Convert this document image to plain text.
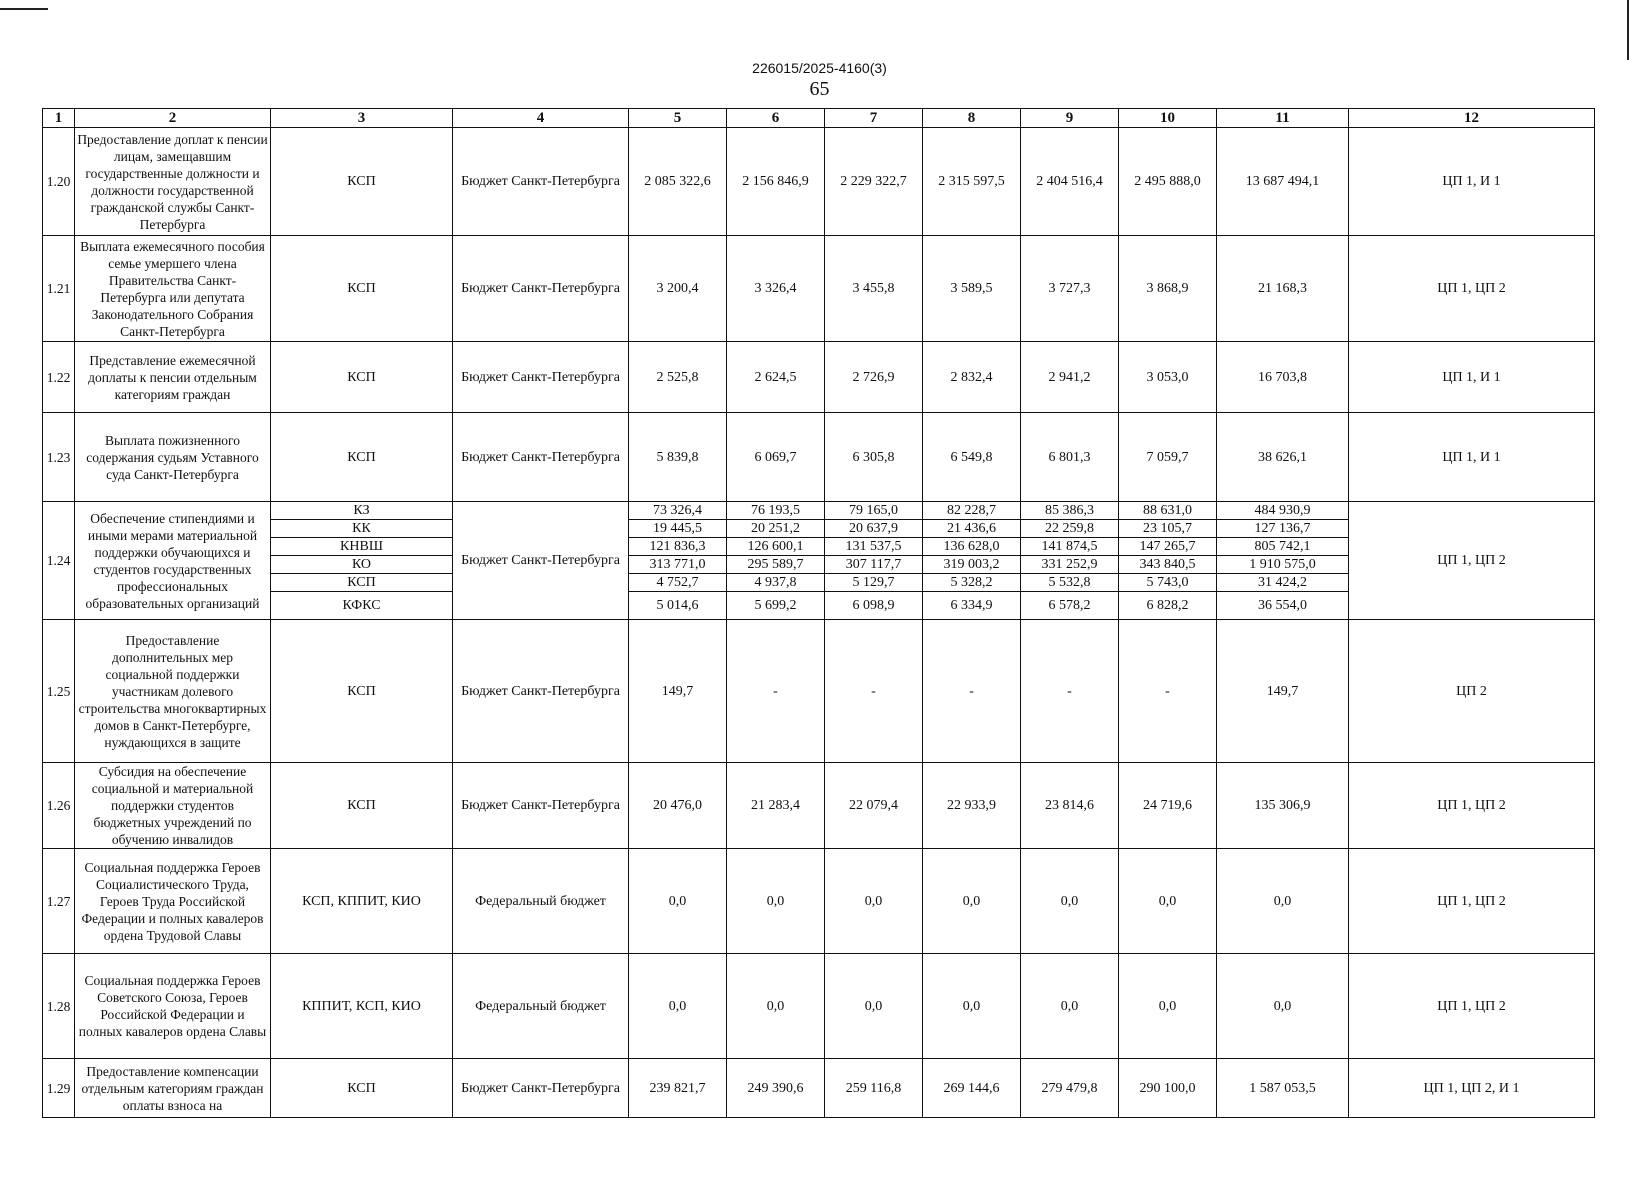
226015/2025-4160(3)
65
1	2	3	4	5	6	7	8	9	10	11	12
1.20	Предоставление доплат к пенсии лицам, замещавшим государственные должности и должности государственной гражданской службы Санкт-Петербурга	КСП	Бюджет Санкт-Петербурга	2 085 322,6	2 156 846,9	2 229 322,7	2 315 597,5	2 404 516,4	2 495 888,0	13 687 494,1	ЦП 1, И 1
1.21	Выплата ежемесячного пособия семье умершего члена Правительства Санкт-Петербурга или депутата Законодательного Собрания Санкт-Петербурга	КСП	Бюджет Санкт-Петербурга	3 200,4	3 326,4	3 455,8	3 589,5	3 727,3	3 868,9	21 168,3	ЦП 1, ЦП 2
1.22	Представление ежемесячной доплаты к пенсии отдельным категориям граждан	КСП	Бюджет Санкт-Петербурга	2 525,8	2 624,5	2 726,9	2 832,4	2 941,2	3 053,0	16 703,8	ЦП 1, И 1
1.23	Выплата пожизненного содержания судьям Уставного суда Санкт-Петербурга	КСП	Бюджет Санкт-Петербурга	5 839,8	6 069,7	6 305,8	6 549,8	6 801,3	7 059,7	38 626,1	ЦП 1, И 1
1.24	Обеспечение стипендиями и иными мерами материальной поддержки обучающихся и студентов государственных профессиональных образовательных организаций	КЗ	Бюджет Санкт-Петербурга	73 326,4	76 193,5	79 165,0	82 228,7	85 386,3	88 631,0	484 930,9	ЦП 1, ЦП 2
		КК		19 445,5	20 251,2	20 637,9	21 436,6	22 259,8	23 105,7	127 136,7	
		КНВШ		121 836,3	126 600,1	131 537,5	136 628,0	141 874,5	147 265,7	805 742,1	
		КО		313 771,0	295 589,7	307 117,7	319 003,2	331 252,9	343 840,5	1 910 575,0	
		КСП		4 752,7	4 937,8	5 129,7	5 328,2	5 532,8	5 743,0	31 424,2	
		КФКС		5 014,6	5 699,2	6 098,9	6 334,9	6 578,2	6 828,2	36 554,0	
1.25	Предоставление дополнительных мер социальной поддержки участникам долевого строительства многоквартирных домов в Санкт-Петербурге, нуждающихся в защите	КСП	Бюджет Санкт-Петербурга	149,7	-	-	-	-	-	149,7	ЦП 2
1.26	Субсидия на обеспечение социальной и материальной поддержки студентов бюджетных учреждений по обучению инвалидов	КСП	Бюджет Санкт-Петербурга	20 476,0	21 283,4	22 079,4	22 933,9	23 814,6	24 719,6	135 306,9	ЦП 1, ЦП 2
1.27	Социальная поддержка Героев Социалистического Труда, Героев Труда Российской Федерации и полных кавалеров ордена Трудовой Славы	КСП, КППИТ, КИО	Федеральный бюджет	0,0	0,0	0,0	0,0	0,0	0,0	0,0	ЦП 1, ЦП 2
1.28	Социальная поддержка Героев Советского Союза, Героев Российской Федерации и полных кавалеров ордена Славы	КППИТ, КСП, КИО	Федеральный бюджет	0,0	0,0	0,0	0,0	0,0	0,0	0,0	ЦП 1, ЦП 2
1.29	Предоставление компенсации отдельным категориям граждан оплаты взноса на	КСП	Бюджет Санкт-Петербурга	239 821,7	249 390,6	259 116,8	269 144,6	279 479,8	290 100,0	1 587 053,5	ЦП 1, ЦП 2, И 1
